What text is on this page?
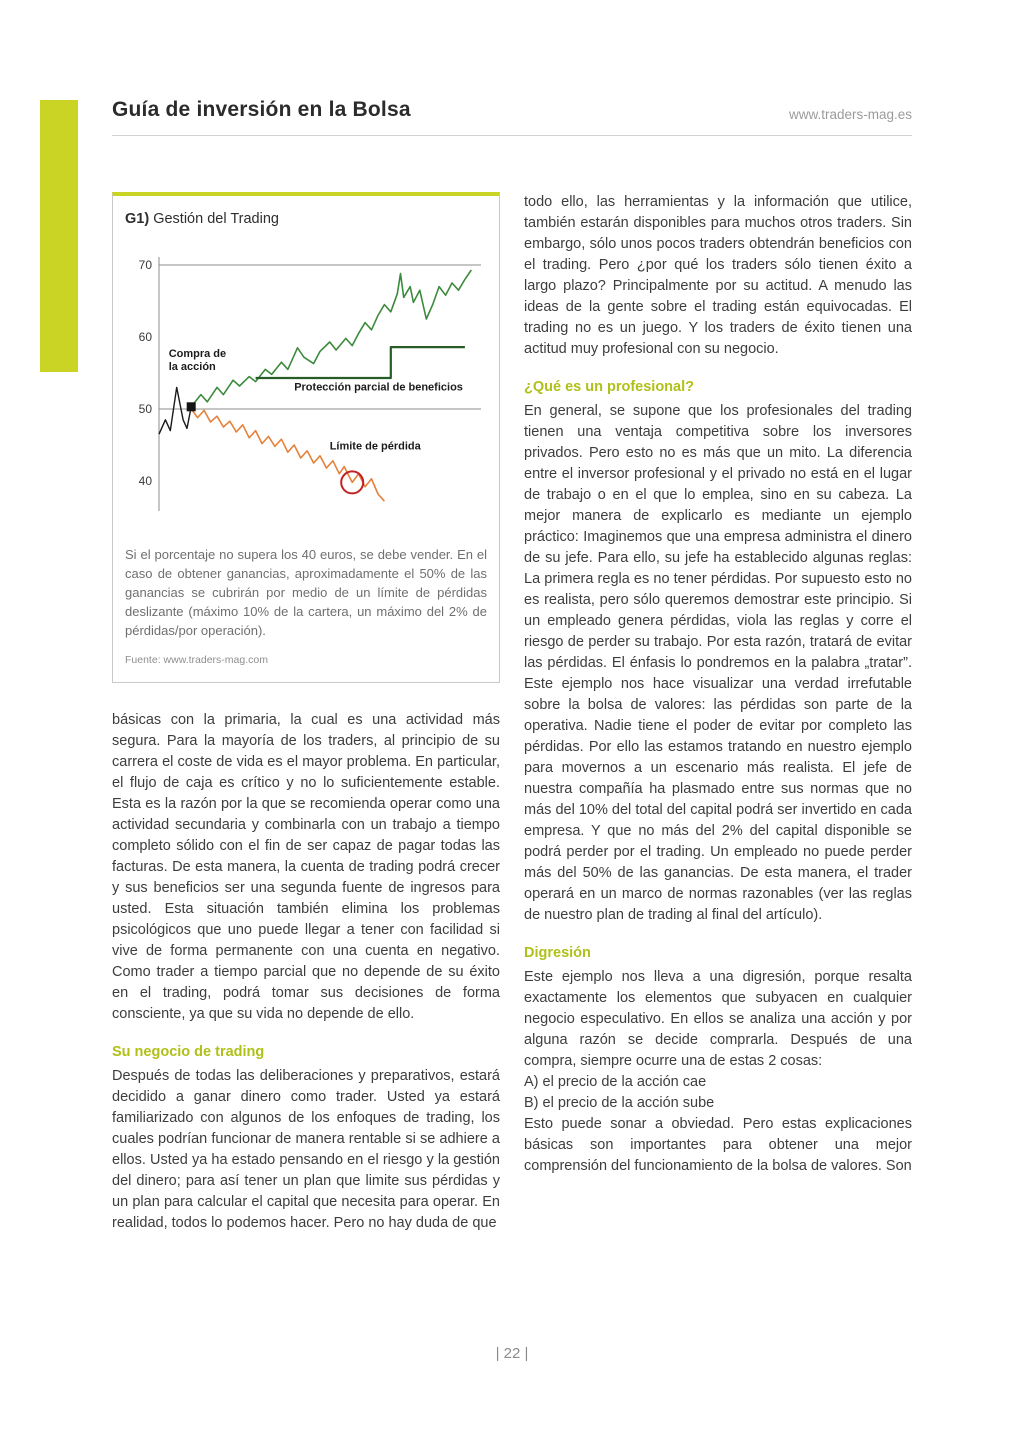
Guía de inversión en la Bolsa	www.traders-mag.es
G1) Gestión del Trading
70
60
50
40
Compra de la acción
Protección parcial de beneficios
Límite de pérdida
Si el porcentaje no supera los 40 euros, se debe vender. En el caso de obtener ganancias, aproximadamente el 50% de las ganancias se cubrirán por medio de un límite de pérdidas deslizante (máximo 10% de la cartera, un máximo del 2% de pérdidas/por operación).
Fuente: www.traders-mag.com

básicas con la primaria, la cual es una actividad más segura. Para la mayoría de los traders, al principio de su carrera el coste de vida es el mayor problema. En particular, el flujo de caja es crítico y no lo suficientemente estable. Esta es la razón por la que se recomienda operar como una actividad secundaria y combinarla con un trabajo a tiempo completo sólido con el fin de ser capaz de pagar todas las facturas. De esta manera, la cuenta de trading podrá crecer y sus beneficios ser una segunda fuente de ingresos para usted. Esta situación también elimina los problemas psicológicos que uno puede llegar a tener con facilidad si vive de forma permanente con una cuenta en negativo. Como trader a tiempo parcial que no depende de su éxito en el trading, podrá tomar sus decisiones de forma consciente, ya que su vida no depende de ello.

Su negocio de trading

Después de todas las deliberaciones y preparativos, estará decidido a ganar dinero como trader. Usted ya estará familiarizado con algunos de los enfoques de trading, los cuales podrían funcionar de manera rentable si se adhiere a ellos. Usted ya ha estado pensando en el riesgo y la gestión del dinero; para así tener un plan que limite sus pérdidas y un plan para calcular el capital que necesita para operar. En realidad, todos lo podemos hacer. Pero no hay duda de que

todo ello, las herramientas y la información que utilice, también estarán disponibles para muchos otros traders. Sin embargo, sólo unos pocos traders obtendrán beneficios con el trading. Pero ¿por qué los traders sólo tienen éxito a largo plazo? Principalmente por su actitud. A menudo las ideas de la gente sobre el trading están equivocadas. El trading no es un juego. Y los traders de éxito tienen una actitud muy profesional con su negocio.

¿Qué es un profesional?

En general, se supone que los profesionales del trading tienen una ventaja competitiva sobre los inversores privados. Pero esto no es más que un mito. La diferencia entre el inversor profesional y el privado no está en el lugar de trabajo o en el que lo emplea, sino en su cabeza. La mejor manera de explicarlo es mediante un ejemplo práctico: Imaginemos que una empresa administra el dinero de su jefe. Para ello, su jefe ha establecido algunas reglas: La primera regla es no tener pérdidas. Por supuesto esto no es realista, pero sólo queremos demostrar este principio. Si un empleado genera pérdidas, viola las reglas y corre el riesgo de perder su trabajo. Por esta razón, tratará de evitar las pérdidas. El énfasis lo pondremos en la palabra „tratar”. Este ejemplo nos hace visualizar una verdad irrefutable sobre la bolsa de valores: las pérdidas son parte de la operativa. Nadie tiene el poder de evitar por completo las pérdidas. Por ello las estamos tratando en nuestro ejemplo para movernos a un escenario más realista. El jefe de nuestra compañía ha plasmado entre sus normas que no más del 10% del total del capital podrá ser invertido en cada empresa. Y que no más del 2% del capital disponible se podrá perder por el trading. Un empleado no puede perder más del 50% de las ganancias. De esta manera, el trader operará en un marco de normas razonables (ver las reglas de nuestro plan de trading al final del artículo).

Digresión

Este ejemplo nos lleva a una digresión, porque resalta exactamente los elementos que subyacen en cualquier negocio especulativo. En ellos se analiza una acción y por alguna razón se decide comprarla. Después de una compra, siempre ocurre una de estas 2 cosas:

A) el precio de la acción cae
B) el precio de la acción sube

Esto puede sonar a obviedad. Pero estas explicaciones básicas son importantes para obtener una mejor comprensión del funcionamiento de la bolsa de valores. Son

| 22 |
